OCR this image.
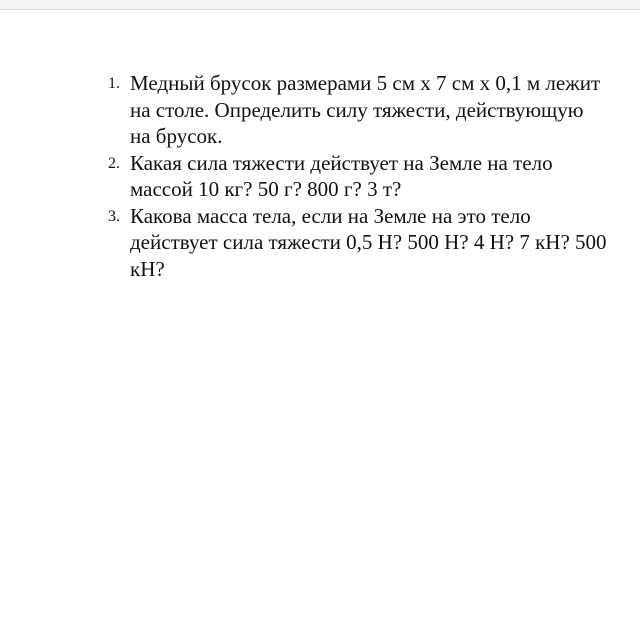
1. Медный брусок размерами 5 см х 7 см х 0,1 м лежит на столе. Определить силу тяжести, действующую на брусок.
2. Какая сила тяжести действует на Земле на тело массой 10 кг? 50 г? 800 г? 3 т?
3. Какова масса тела, если на Земле на это тело действует сила тяжести 0,5 Н? 500 Н? 4 Н? 7 кН? 500 кН?
